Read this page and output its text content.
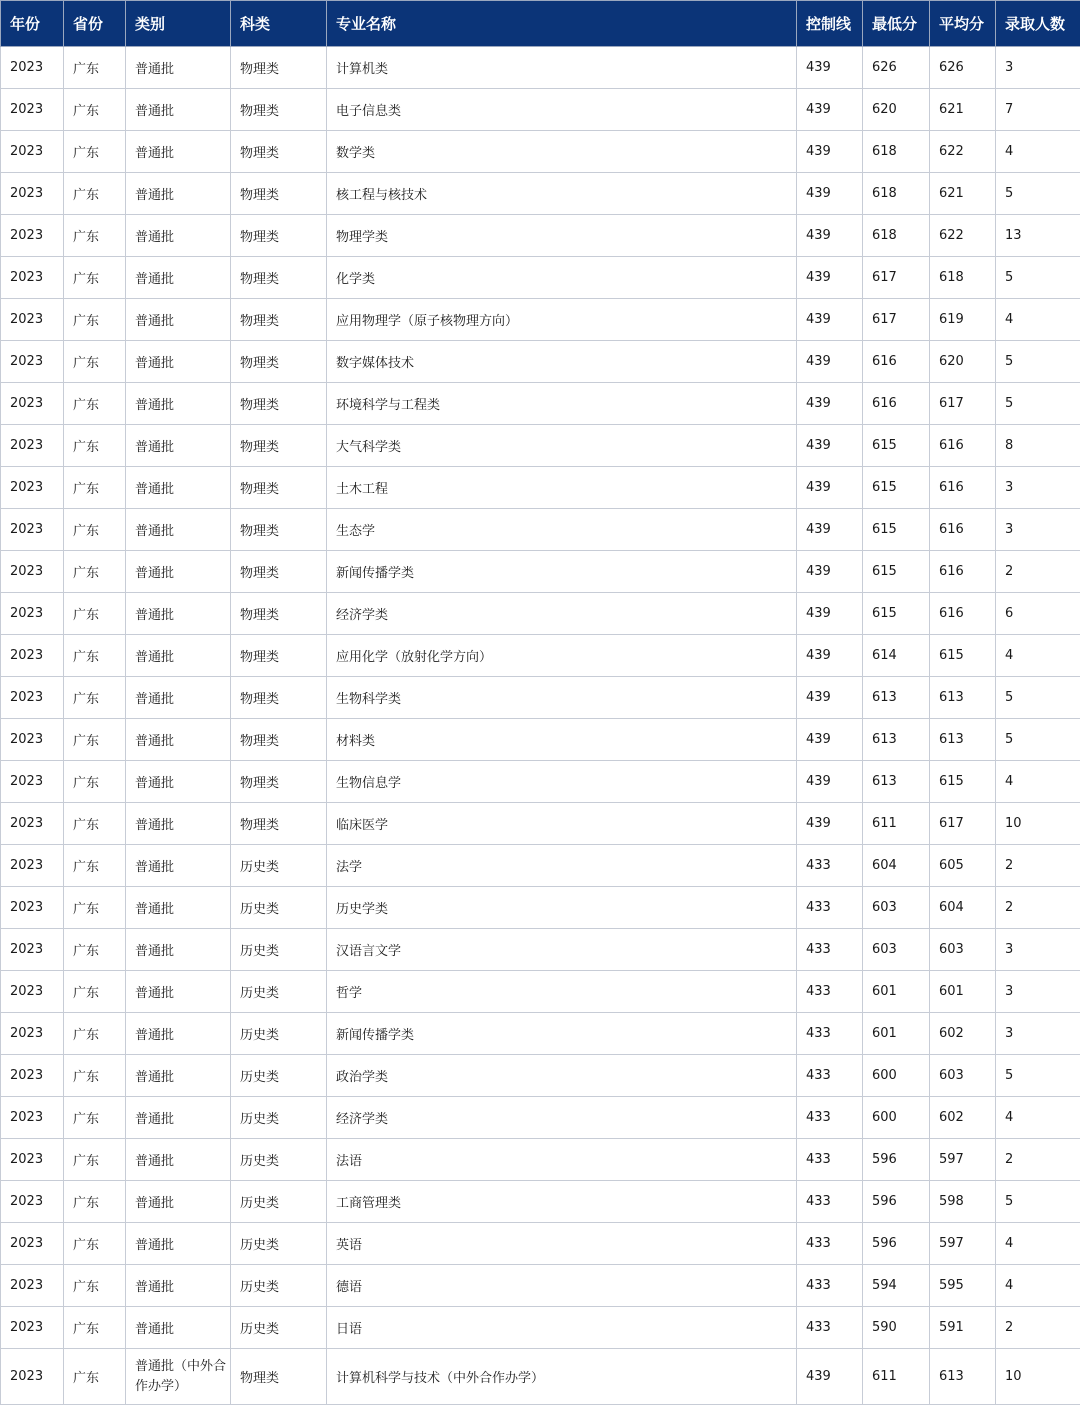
年份	省份	类别	科类	专业名称	控制线	最低分	平均分	录取人数
2023	广东	普通批	物理类	计算机类	439	626	626	3
2023	广东	普通批	物理类	电子信息类	439	620	621	7
2023	广东	普通批	物理类	数学类	439	618	622	4
2023	广东	普通批	物理类	核工程与核技术	439	618	621	5
2023	广东	普通批	物理类	物理学类	439	618	622	13
2023	广东	普通批	物理类	化学类	439	617	618	5
2023	广东	普通批	物理类	应用物理学（原子核物理方向）	439	617	619	4
2023	广东	普通批	物理类	数字媒体技术	439	616	620	5
2023	广东	普通批	物理类	环境科学与工程类	439	616	617	5
2023	广东	普通批	物理类	大气科学类	439	615	616	8
2023	广东	普通批	物理类	土木工程	439	615	616	3
2023	广东	普通批	物理类	生态学	439	615	616	3
2023	广东	普通批	物理类	新闻传播学类	439	615	616	2
2023	广东	普通批	物理类	经济学类	439	615	616	6
2023	广东	普通批	物理类	应用化学（放射化学方向）	439	614	615	4
2023	广东	普通批	物理类	生物科学类	439	613	613	5
2023	广东	普通批	物理类	材料类	439	613	613	5
2023	广东	普通批	物理类	生物信息学	439	613	615	4
2023	广东	普通批	物理类	临床医学	439	611	617	10
2023	广东	普通批	历史类	法学	433	604	605	2
2023	广东	普通批	历史类	历史学类	433	603	604	2
2023	广东	普通批	历史类	汉语言文学	433	603	603	3
2023	广东	普通批	历史类	哲学	433	601	601	3
2023	广东	普通批	历史类	新闻传播学类	433	601	602	3
2023	广东	普通批	历史类	政治学类	433	600	603	5
2023	广东	普通批	历史类	经济学类	433	600	602	4
2023	广东	普通批	历史类	法语	433	596	597	2
2023	广东	普通批	历史类	工商管理类	433	596	598	5
2023	广东	普通批	历史类	英语	433	596	597	4
2023	广东	普通批	历史类	德语	433	594	595	4
2023	广东	普通批	历史类	日语	433	590	591	2
2023	广东	普通批（中外合作办学）	物理类	计算机科学与技术（中外合作办学）	439	611	613	10
